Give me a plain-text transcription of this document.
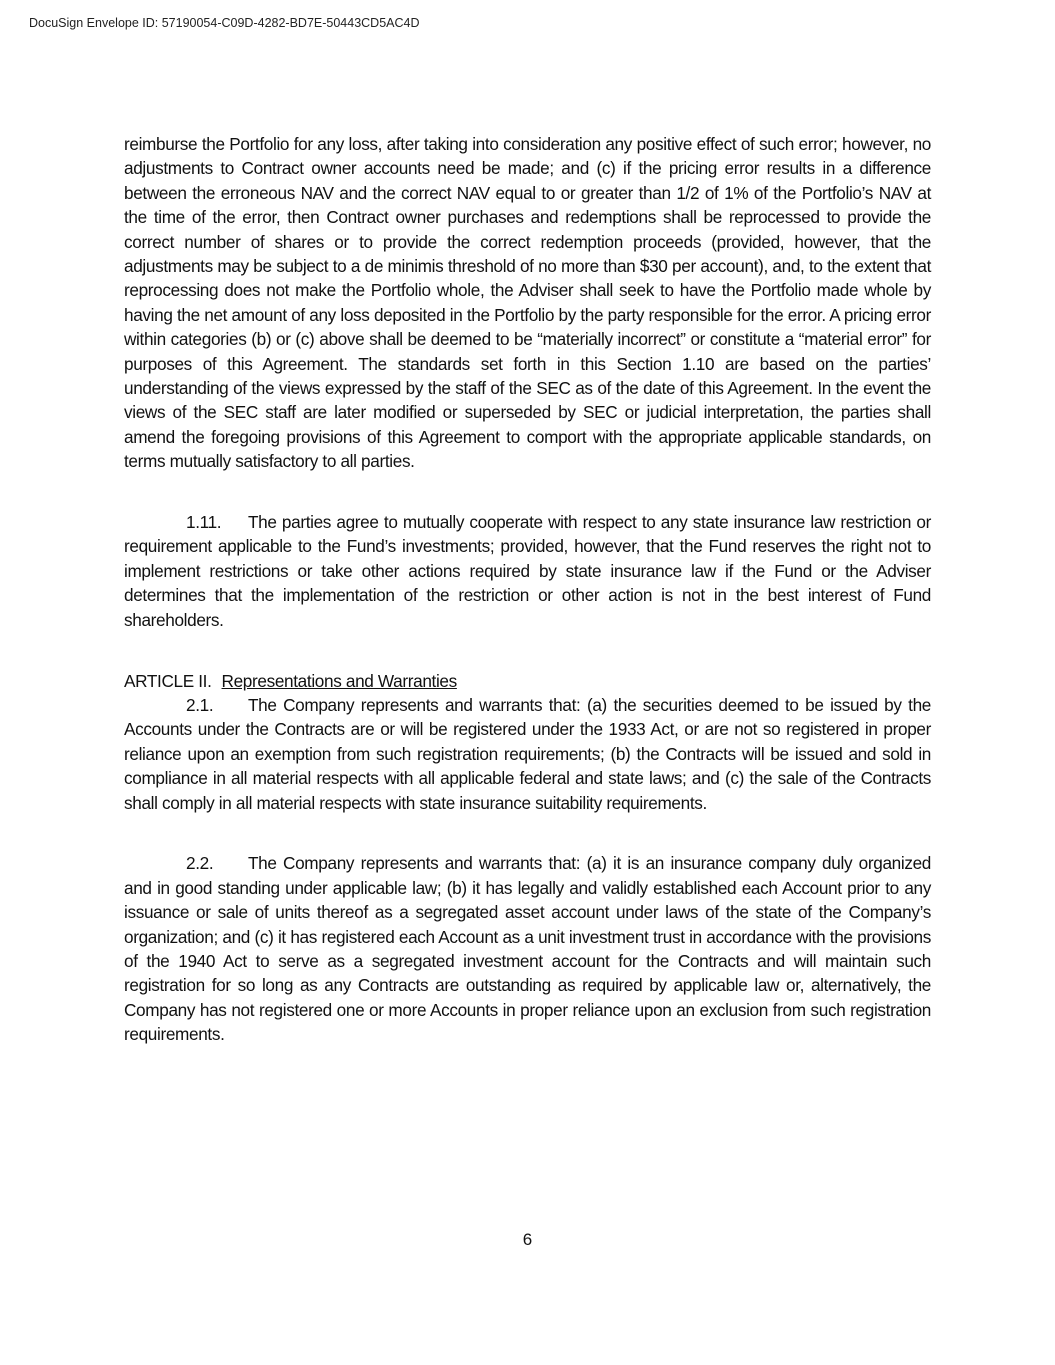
DocuSign Envelope ID: 57190054-C09D-4282-BD7E-50443CD5AC4D

reimburse the Portfolio for any loss, after taking into consideration any positive effect of such error; however, no adjustments to Contract owner accounts need be made; and (c) if the pricing error results in a difference between the erroneous NAV and the correct NAV equal to or greater than 1/2 of 1% of the Portfolio’s NAV at the time of the error, then Contract owner purchases and redemptions shall be reprocessed to provide the correct number of shares or to provide the correct redemption proceeds (provided, however, that the adjustments may be subject to a de minimis threshold of no more than $30 per account), and, to the extent that reprocessing does not make the Portfolio whole, the Adviser shall seek to have the Portfolio made whole by having the net amount of any loss deposited in the Portfolio by the party responsible for the error. A pricing error within categories (b) or (c) above shall be deemed to be “materially incorrect” or constitute a “material error” for purposes of this Agreement. The standards set forth in this Section 1.10 are based on the parties’ understanding of the views expressed by the staff of the SEC as of the date of this Agreement. In the event the views of the SEC staff are later modified or superseded by SEC or judicial interpretation, the parties shall amend the foregoing provisions of this Agreement to comport with the appropriate applicable standards, on terms mutually satisfactory to all parties.

1.11. The parties agree to mutually cooperate with respect to any state insurance law restriction or requirement applicable to the Fund’s investments; provided, however, that the Fund reserves the right not to implement restrictions or take other actions required by state insurance law if the Fund or the Adviser determines that the implementation of the restriction or other action is not in the best interest of Fund shareholders.

ARTICLE II. Representations and Warranties

2.1. The Company represents and warrants that: (a) the securities deemed to be issued by the Accounts under the Contracts are or will be registered under the 1933 Act, or are not so registered in proper reliance upon an exemption from such registration requirements; (b) the Contracts will be issued and sold in compliance in all material respects with all applicable federal and state laws; and (c) the sale of the Contracts shall comply in all material respects with state insurance suitability requirements.

2.2. The Company represents and warrants that: (a) it is an insurance company duly organized and in good standing under applicable law; (b) it has legally and validly established each Account prior to any issuance or sale of units thereof as a segregated asset account under laws of the state of the Company’s organization; and (c) it has registered each Account as a unit investment trust in accordance with the provisions of the 1940 Act to serve as a segregated investment account for the Contracts and will maintain such registration for so long as any Contracts are outstanding as required by applicable law or, alternatively, the Company has not registered one or more Accounts in proper reliance upon an exclusion from such registration requirements.

6
